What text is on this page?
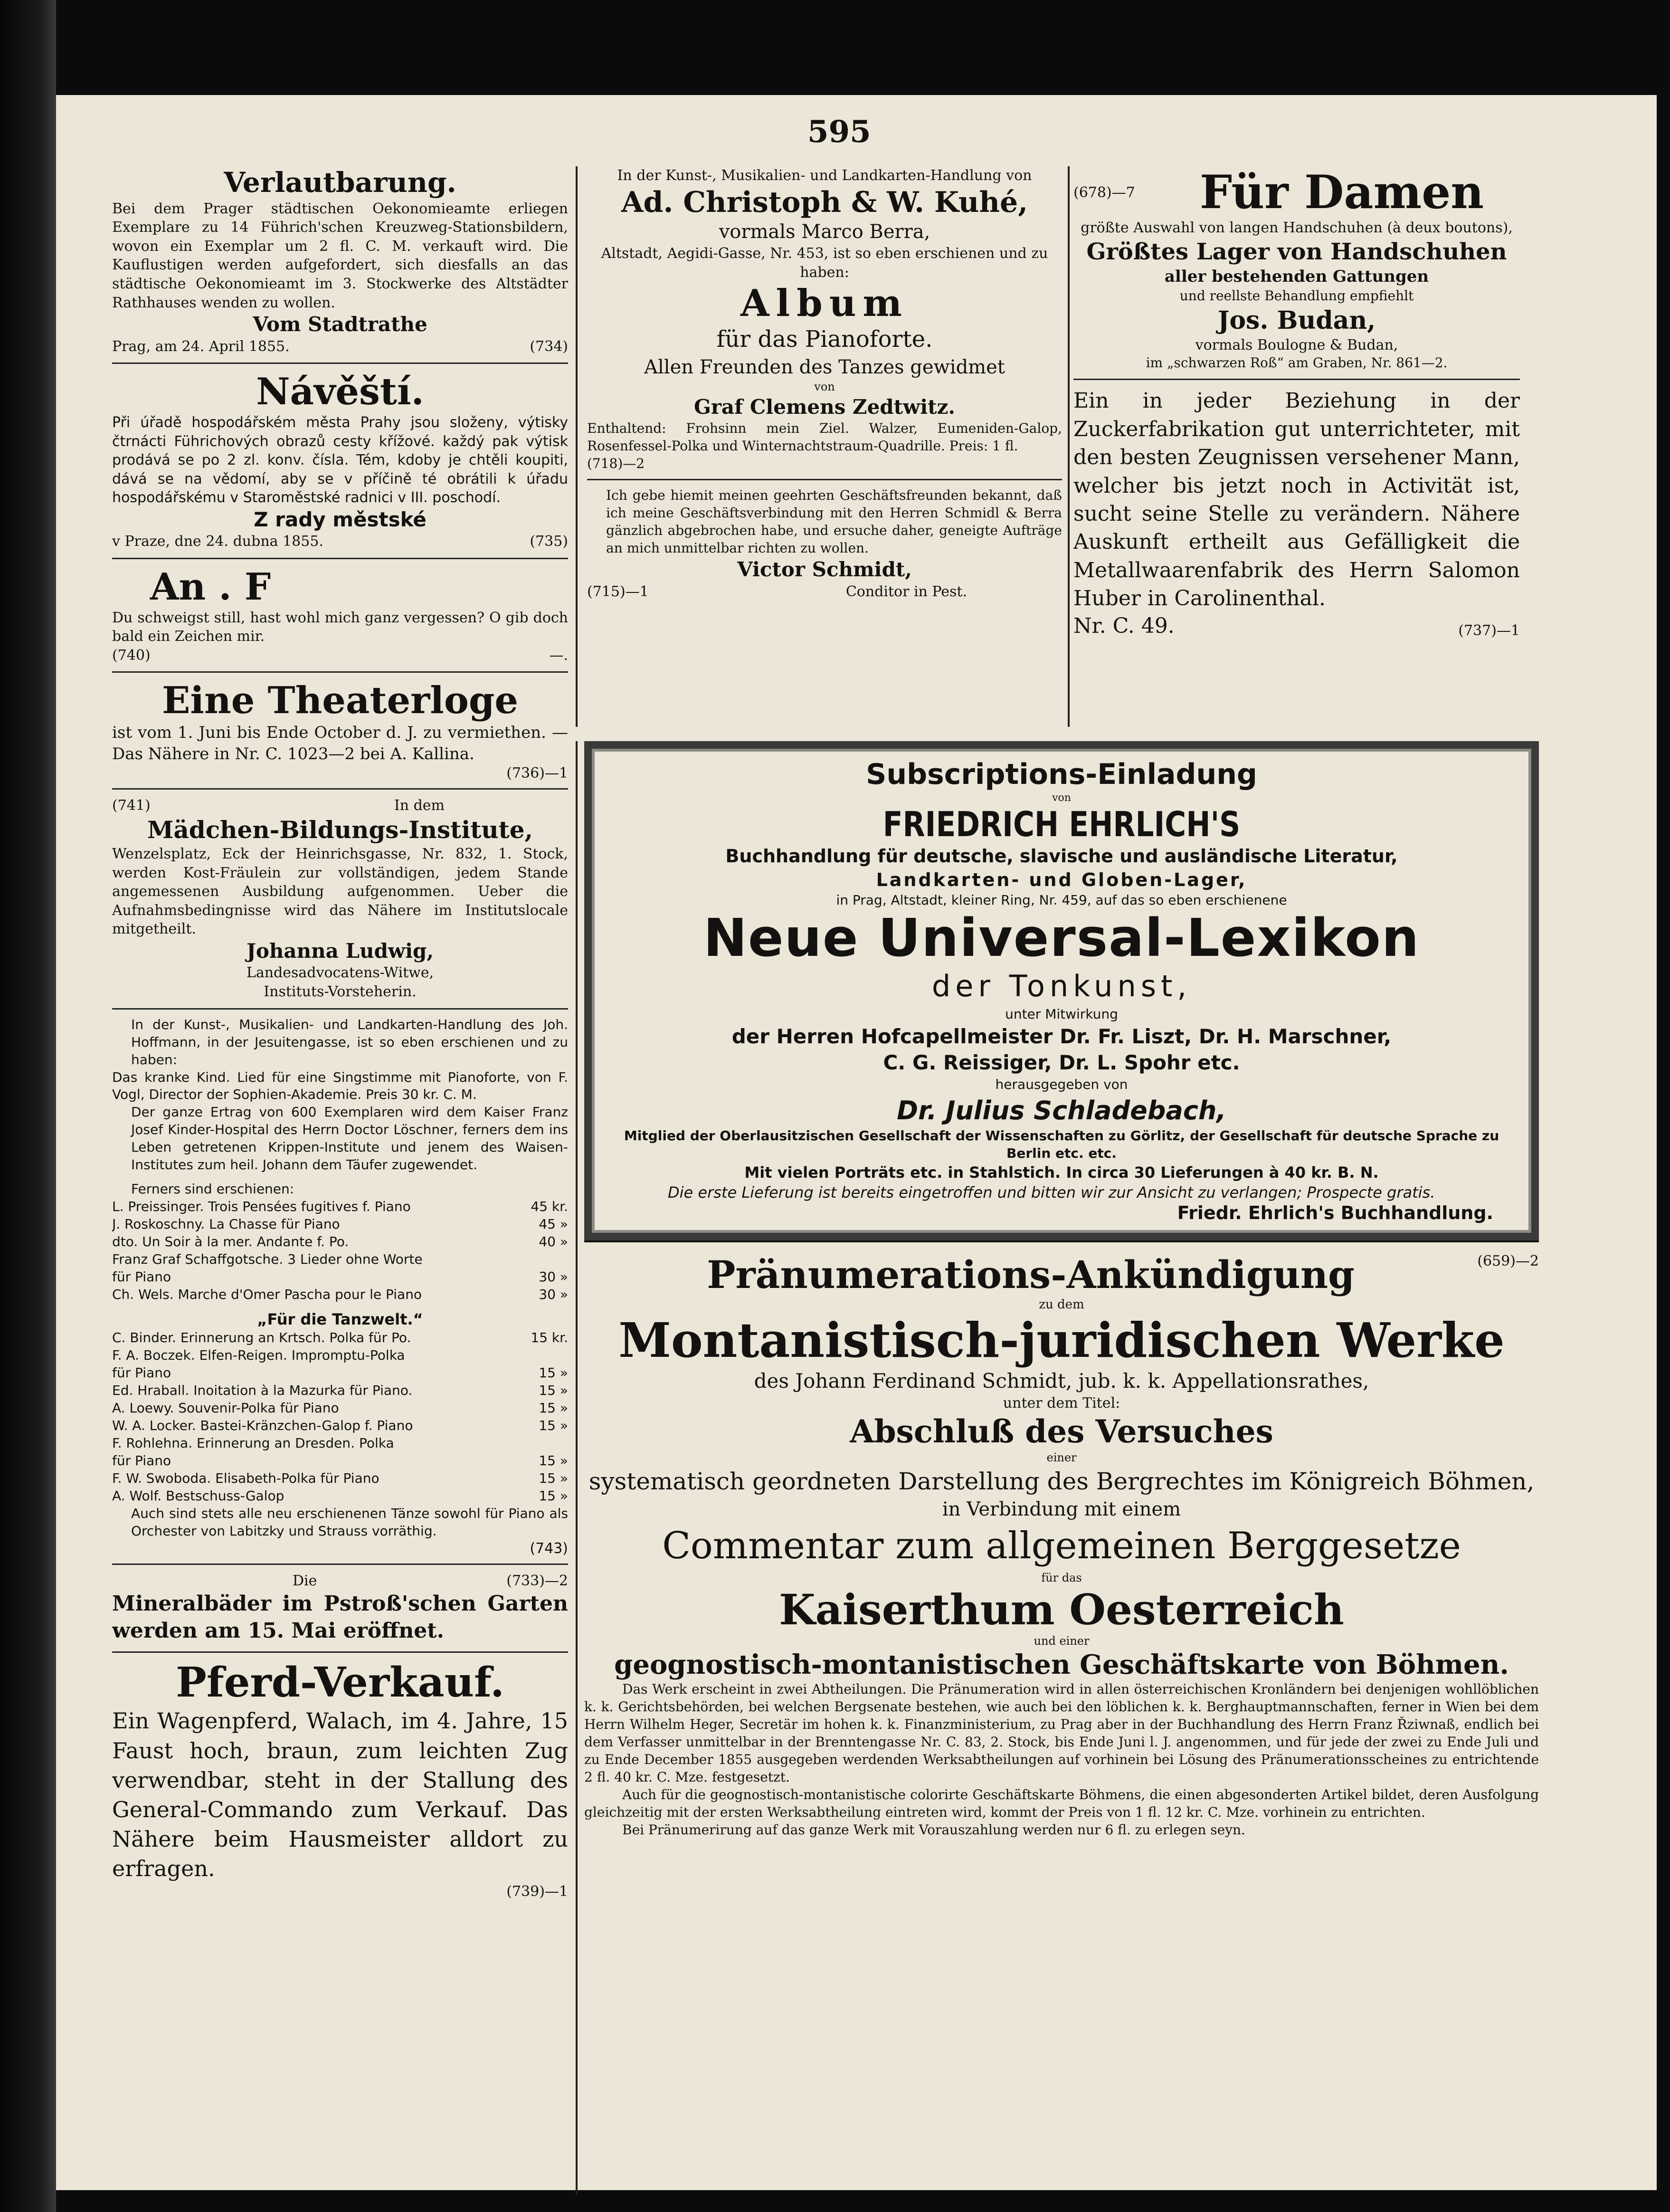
595
Verlautbarung.
Bei dem Prager städtischen Oekonomieamte erliegen Exemplare zu 14 Führich'schen Kreuzweg-Stationsbildern, wovon ein Exemplar um 2 fl. C. M. verkauft wird. Die Kauflustigen werden aufgefordert, sich diesfalls an das städtische Oekonomieamt im 3. Stockwerke des Altstädter Rathhauses wenden zu wollen.
Vom Stadtrathe
Prag, am 24. April 1855.	(734)
Návěští.
Při úřadě hospodářském města Prahy jsou složeny, výtisky čtrnácti Führichových obrazů cesty křížové. každý pak výtisk prodává se po 2 zl. konv. čísla. Tém, kdoby je chtěli koupiti, dává se na vědomí, aby se v příčině té obrátili k úřadu hospodářskému v Staroměstské radnici v III. poschodí.
Z rady městské
v Praze, dne 24. dubna 1855.	(735)
An . F
Du schweigst still, hast wohl mich ganz vergessen? O gib doch bald ein Zeichen mir.
(740)	—.
Eine Theaterloge
ist vom 1. Juni bis Ende October d. J. zu vermiethen. — Das Nähere in Nr. C. 1023—2 bei A. Kallina.
(736)—1
(741)	In dem
Mädchen-Bildungs-Institute,
Wenzelsplatz, Eck der Heinrichsgasse, Nr. 832, 1. Stock, werden Kost-Fräulein zur vollständigen, jedem Stande angemessenen Ausbildung aufgenommen. Ueber die Aufnahmsbedingnisse wird das Nähere im Institutslocale mitgetheilt.
Johanna Ludwig,
Landesadvocatens-Witwe,
Instituts-Vorsteherin.
In der Kunst-, Musikalien- und Landkarten-Handlung des Joh. Hoffmann, in der Jesuitengasse, ist so eben erschienen und zu haben:
Das kranke Kind. Lied für eine Singstimme mit Pianoforte, von F. Vogl, Director der Sophien-Akademie. Preis 30 kr. C. M.
Der ganze Ertrag von 600 Exemplaren wird dem Kaiser Franz Josef Kinder-Hospital des Herrn Doctor Löschner, ferners dem ins Leben getretenen Krippen-Institute und jenem des Waisen-Institutes zum heil. Johann dem Täufer zugewendet.
Ferners sind erschienen:
L. Preissinger. Trois Pensées fugitives f. Piano	45 kr.
J. Roskoschny. La Chasse für Piano	45 »
dto. Un Soir à la mer. Andante f. Po.	40 »
Franz Graf Schaffgotsche. 3 Lieder ohne Worte
für Piano	30 »
Ch. Wels. Marche d'Omer Pascha pour le Piano	30 »
„Für die Tanzwelt.“
C. Binder. Erinnerung an Krtsch. Polka für Po.	15 kr.
F. A. Boczek. Elfen-Reigen. Impromptu-Polka
für Piano	15 »
Ed. Hraball. Inoitation à la Mazurka für Piano.	15 »
A. Loewy. Souvenir-Polka für Piano	15 »
W. A. Locker. Bastei-Kränzchen-Galop f. Piano	15 »
F. Rohlehna. Erinnerung an Dresden. Polka
für Piano	15 »
F. W. Swoboda. Elisabeth-Polka für Piano	15 »
A. Wolf. Bestschuss-Galop	15 »
Auch sind stets alle neu erschienenen Tänze sowohl für Piano als Orchester von Labitzky und Strauss vorräthig.
(743)
Die	(733)—2
Mineralbäder im Pstroß'schen Garten werden am 15. Mai eröffnet.
Pferd-Verkauf.
Ein Wagenpferd, Walach, im 4. Jahre, 15 Faust hoch, braun, zum leichten Zug verwendbar, steht in der Stallung des General-Commando zum Verkauf. Das Nähere beim Hausmeister alldort zu erfragen.
(739)—1
In der Kunst-, Musikalien- und Landkarten-Handlung von
Ad. Christoph & W. Kuhé,
vormals Marco Berra,
Altstadt, Aegidi-Gasse, Nr. 453, ist so eben erschienen und zu haben:
Album
für das Pianoforte.
Allen Freunden des Tanzes gewidmet
von
Graf Clemens Zedtwitz.
Enthaltend: Frohsinn mein Ziel. Walzer, Eumeniden-Galop, Rosenfessel-Polka und Winternachtstraum-Quadrille. Preis: 1 fl.
(718)—2
Ich gebe hiemit meinen geehrten Geschäftsfreunden bekannt, daß ich meine Geschäftsverbindung mit den Herren Schmidl & Berra gänzlich abgebrochen habe, und ersuche daher, geneigte Aufträge an mich unmittelbar richten zu wollen.
Victor Schmidt,
(715)—1	Conditor in Pest.
(678)—7	Für Damen
größte Auswahl von langen Handschuhen (à deux boutons),
Größtes Lager von Handschuhen
aller bestehenden Gattungen
und reellste Behandlung empfiehlt
Jos. Budan,
vormals Boulogne & Budan,
im „schwarzen Roß“ am Graben, Nr. 861—2.
Ein in jeder Beziehung in der Zuckerfabrikation gut unterrichteter, mit den besten Zeugnissen versehener Mann, welcher bis jetzt noch in Activität ist, sucht seine Stelle zu verändern. Nähere Auskunft ertheilt aus Gefälligkeit die Metallwaarenfabrik des Herrn Salomon Huber in Carolinenthal.
Nr. C. 49.	(737)—1
Subscriptions-Einladung
von
FRIEDRICH EHRLICH'S
Buchhandlung für deutsche, slavische und ausländische Literatur,
Landkarten- und Globen-Lager,
in Prag, Altstadt, kleiner Ring, Nr. 459, auf das so eben erschienene
Neue Universal-Lexikon
der Tonkunst,
unter Mitwirkung
der Herren Hofcapellmeister Dr. Fr. Liszt, Dr. H. Marschner,
C. G. Reissiger, Dr. L. Spohr etc.
herausgegeben von
Dr. Julius Schladebach,
Mitglied der Oberlausitzischen Gesellschaft der Wissenschaften zu Görlitz, der Gesellschaft für deutsche Sprache zu Berlin etc. etc.
Mit vielen Porträts etc. in Stahlstich. In circa 30 Lieferungen à 40 kr. B. N.
Die erste Lieferung ist bereits eingetroffen und bitten wir zur Ansicht zu verlangen; Prospecte gratis.
Friedr. Ehrlich's Buchhandlung.
Pränumerations-Ankündigung	(659)—2
zu dem
Montanistisch-juridischen Werke
des Johann Ferdinand Schmidt, jub. k. k. Appellationsrathes,
unter dem Titel:
Abschluß des Versuches
einer
systematisch geordneten Darstellung des Bergrechtes im Königreich Böhmen,
in Verbindung mit einem
Commentar zum allgemeinen Berggesetze
für das
Kaiserthum Oesterreich
und einer
geognostisch-montanistischen Geschäftskarte von Böhmen.
Das Werk erscheint in zwei Abtheilungen. Die Pränumeration wird in allen österreichischen Kronländern bei denjenigen wohllöblichen k. k. Gerichtsbehörden, bei welchen Bergsenate bestehen, wie auch bei den löblichen k. k. Berghauptmannschaften, ferner in Wien bei dem Herrn Wilhelm Heger, Secretär im hohen k. k. Finanzministerium, zu Prag aber in der Buchhandlung des Herrn Franz Řziwnaß, endlich bei dem Verfasser unmittelbar in der Brenntengasse Nr. C. 83, 2. Stock, bis Ende Juni l. J. angenommen, und für jede der zwei zu Ende Juli und zu Ende December 1855 ausgegeben werdenden Werksabtheilungen auf vorhinein bei Lösung des Pränumerationsscheines zu entrichtende 2 fl. 40 kr. C. Mze. festgesetzt.
Auch für die geognostisch-montanistische colorirte Geschäftskarte Böhmens, die einen abgesonderten Artikel bildet, deren Ausfolgung gleichzeitig mit der ersten Werksabtheilung eintreten wird, kommt der Preis von 1 fl. 12 kr. C. Mze. vorhinein zu entrichten.
Bei Pränumerirung auf das ganze Werk mit Vorauszahlung werden nur 6 fl. zu erlegen seyn.
